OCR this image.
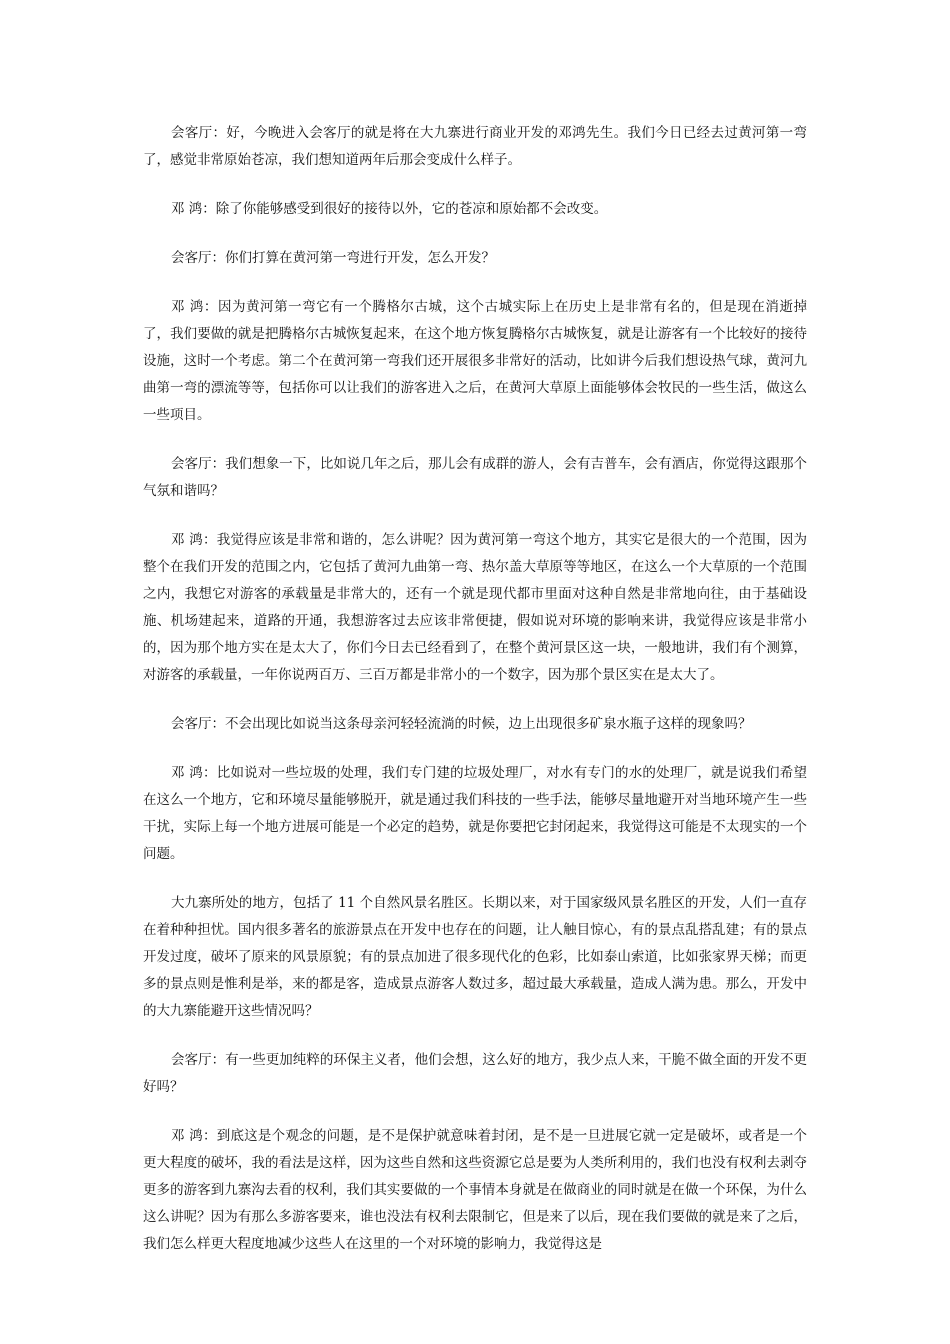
会客厅：好，今晚进入会客厅的就是将在大九寨进行商业开发的邓鸿先生。我们今日已经去过黄河第一弯了，感觉非常原始苍凉，我们想知道两年后那会变成什么样子。

邓 鸿：除了你能够感受到很好的接待以外，它的苍凉和原始都不会改变。

会客厅：你们打算在黄河第一弯进行开发，怎么开发？

邓 鸿：因为黄河第一弯它有一个腾格尔古城，这个古城实际上在历史上是非常有名的，但是现在消逝掉了，我们要做的就是把腾格尔古城恢复起来，在这个地方恢复腾格尔古城恢复，就是让游客有一个比较好的接待设施，这时一个考虑。第二个在黄河第一弯我们还开展很多非常好的活动，比如讲今后我们想设热气球，黄河九曲第一弯的漂流等等，包括你可以让我们的游客进入之后，在黄河大草原上面能够体会牧民的一些生活，做这么一些项目。

会客厅：我们想象一下，比如说几年之后，那儿会有成群的游人，会有吉普车，会有酒店，你觉得这跟那个气氛和谐吗？

邓 鸿：我觉得应该是非常和谐的，怎么讲呢？因为黄河第一弯这个地方，其实它是很大的一个范围，因为整个在我们开发的范围之内，它包括了黄河九曲第一弯、热尔盖大草原等等地区，在这么一个大草原的一个范围之内，我想它对游客的承载量是非常大的，还有一个就是现代都市里面对这种自然是非常地向往，由于基础设施、机场建起来，道路的开通，我想游客过去应该非常便捷，假如说对环境的影响来讲，我觉得应该是非常小的，因为那个地方实在是太大了，你们今日去已经看到了，在整个黄河景区这一块，一般地讲，我们有个测算，对游客的承载量，一年你说两百万、三百万都是非常小的一个数字，因为那个景区实在是太大了。

会客厅：不会出现比如说当这条母亲河轻轻流淌的时候，边上出现很多矿泉水瓶子这样的现象吗？

邓 鸿：比如说对一些垃圾的处理，我们专门建的垃圾处理厂，对水有专门的水的处理厂，就是说我们希望在这么一个地方，它和环境尽量能够脱开，就是通过我们科技的一些手法，能够尽量地避开对当地环境产生一些干扰，实际上每一个地方进展可能是一个必定的趋势，就是你要把它封闭起来，我觉得这可能是不太现实的一个问题。

大九寨所处的地方，包括了 11 个自然风景名胜区。长期以来，对于国家级风景名胜区的开发，人们一直存在着种种担忧。国内很多著名的旅游景点在开发中也存在的问题，让人触目惊心，有的景点乱搭乱建；有的景点开发过度，破坏了原来的风景原貌；有的景点加进了很多现代化的色彩，比如泰山索道，比如张家界天梯；而更多的景点则是惟利是举，来的都是客，造成景点游客人数过多，超过最大承载量，造成人满为患。那么，开发中的大九寨能避开这些情况吗？

会客厅：有一些更加纯粹的环保主义者，他们会想，这么好的地方，我少点人来，干脆不做全面的开发不更好吗？

邓 鸿：到底这是个观念的问题，是不是保护就意味着封闭，是不是一旦进展它就一定是破坏，或者是一个更大程度的破坏，我的看法是这样，因为这些自然和这些资源它总是要为人类所利用的，我们也没有权利去剥夺更多的游客到九寨沟去看的权利，我们其实要做的一个事情本身就是在做商业的同时就是在做一个环保，为什么这么讲呢？因为有那么多游客要来，谁也没法有权利去限制它，但是来了以后，现在我们要做的就是来了之后，我们怎么样更大程度地减少这些人在这里的一个对环境的影响力，我觉得这是
